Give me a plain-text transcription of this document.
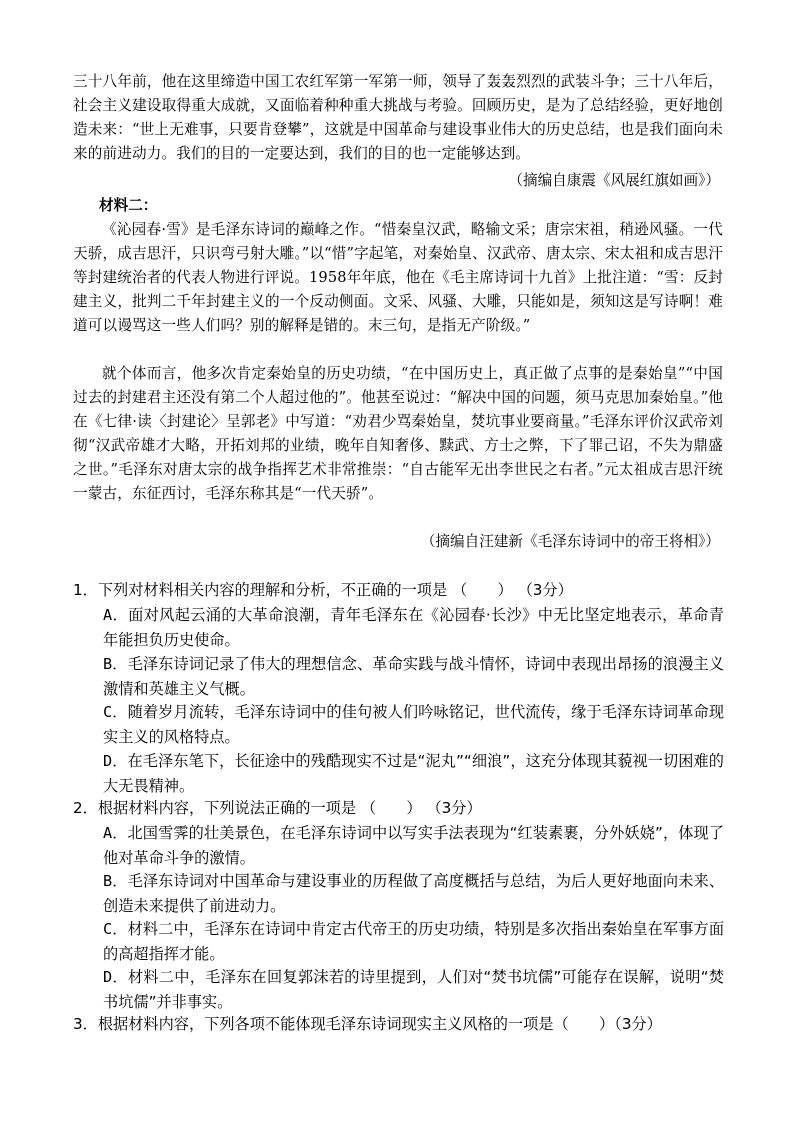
三十八年前，他在这里缔造中国工农红军第一军第一师，领导了轰轰烈烈的武装斗争；三十八年后，社会主义建设取得重大成就，又面临着种种重大挑战与考验。回顾历史，是为了总结经验，更好地创造未来：“世上无难事，只要肯登攀”，这就是中国革命与建设事业伟大的历史总结，也是我们面向未来的前进动力。我们的目的一定要达到，我们的目的也一定能够达到。

（摘编自康震《风展红旗如画》）

材料二：

《沁园春·雪》是毛泽东诗词的巅峰之作。“惜秦皇汉武，略输文采；唐宗宋祖，稍逊风骚。一代天骄，成吉思汗，只识弯弓射大雕。”以“惜”字起笔，对秦始皇、汉武帝、唐太宗、宋太祖和成吉思汗等封建统治者的代表人物进行评说。1958年年底，他在《毛主席诗词十九首》上批注道：“雪：反封建主义，批判二千年封建主义的一个反动侧面。文采、风骚、大雕，只能如是，须知这是写诗啊！难道可以谩骂这一些人们吗？别的解释是错的。末三句，是指无产阶级。”

就个体而言，他多次肯定秦始皇的历史功绩，“在中国历史上，真正做了点事的是秦始皇”“中国过去的封建君主还没有第二个人超过他的”。他甚至说过：“解决中国的问题，须马克思加秦始皇。”他在《七律·读〈封建论〉呈郭老》中写道：“劝君少骂秦始皇，焚坑事业要商量。”毛泽东评价汉武帝刘彻“汉武帝雄才大略，开拓刘邦的业绩，晚年自知奢侈、黩武、方士之弊，下了罪己诏，不失为鼎盛之世。”毛泽东对唐太宗的战争指挥艺术非常推崇：“自古能军无出李世民之右者。”元太祖成吉思汗统一蒙古，东征西讨，毛泽东称其是“一代天骄”。

（摘编自汪建新《毛泽东诗词中的帝王将相》）

1．下列对材料相关内容的理解和分析，不正确的一项是 （　　） （3分）

A．面对风起云涌的大革命浪潮，青年毛泽东在《沁园春·长沙》中无比坚定地表示，革命青年能担负历史使命。

B．毛泽东诗词记录了伟大的理想信念、革命实践与战斗情怀，诗词中表现出昂扬的浪漫主义激情和英雄主义气概。

C．随着岁月流转，毛泽东诗词中的佳句被人们吟咏铭记，世代流传，缘于毛泽东诗词革命现实主义的风格特点。

D．在毛泽东笔下，长征途中的残酷现实不过是“泥丸”“细浪”，这充分体现其藐视一切困难的大无畏精神。

2．根据材料内容，下列说法正确的一项是 （　　） （3分）

A．北国雪霁的壮美景色，在毛泽东诗词中以写实手法表现为“红装素裹，分外妖娆”，体现了他对革命斗争的激情。

B．毛泽东诗词对中国革命与建设事业的历程做了高度概括与总结，为后人更好地面向未来、创造未来提供了前进动力。

C．材料二中，毛泽东在诗词中肯定古代帝王的历史功绩，特别是多次指出秦始皇在军事方面的高超指挥才能。

D．材料二中，毛泽东在回复郭沫若的诗里提到，人们对“焚书坑儒”可能存在误解，说明“焚书坑儒”并非事实。

3．根据材料内容，下列各项不能体现毛泽东诗词现实主义风格的一项是（　　）（3分）
